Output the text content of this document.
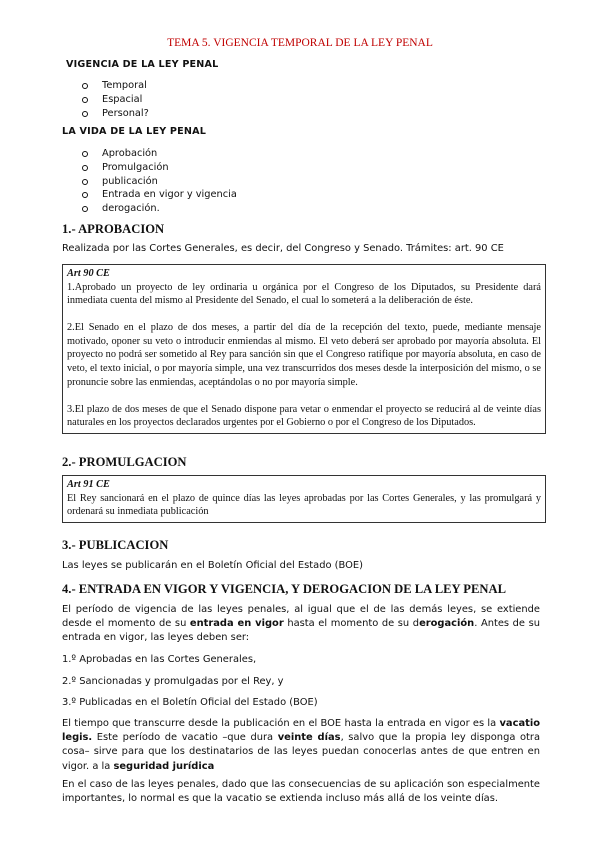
TEMA 5. VIGENCIA TEMPORAL DE LA LEY PENAL
VIGENCIA DE LA LEY PENAL
Temporal
Espacial
Personal?
LA VIDA DE LA LEY PENAL
Aprobación
Promulgación
publicación
Entrada en vigor y vigencia
derogación.
1.- APROBACION
Realizada por las Cortes Generales, es decir, del Congreso y Senado. Trámites: art. 90 CE
Art 90 CE

1.Aprobado un proyecto de ley ordinaria u orgánica por el Congreso de los Diputados, su Presidente dará inmediata cuenta del mismo al Presidente del Senado, el cual lo someterá a la deliberación de éste.

2.El Senado en el plazo de dos meses, a partir del día de la recepción del texto, puede, mediante mensaje motivado, oponer su veto o introducir enmiendas al mismo. El veto deberá ser aprobado por mayoría absoluta. El proyecto no podrá ser sometido al Rey para sanción sin que el Congreso ratifique por mayoría absoluta, en caso de veto, el texto inicial, o por mayoría simple, una vez transcurridos dos meses desde la interposición del mismo, o se pronuncie sobre las enmiendas, aceptándolas o no por mayoría simple.

3.El plazo de dos meses de que el Senado dispone para vetar o enmendar el proyecto se reducirá al de veinte días naturales en los proyectos declarados urgentes por el Gobierno o por el Congreso de los Diputados.

2.- PROMULGACION
Art 91 CE

El Rey sancionará en el plazo de quince días las leyes aprobadas por las Cortes Generales, y las promulgará y ordenará su inmediata publicación

3.- PUBLICACION
Las leyes se publicarán en el Boletín Oficial del Estado (BOE)
4.- ENTRADA EN VIGOR Y VIGENCIA, Y DEROGACION DE LA LEY PENAL
El período de vigencia de las leyes penales, al igual que el de las demás leyes, se extiende desde el momento de su entrada en vigor hasta el momento de su derogación. Antes de su entrada en vigor, las leyes deben ser:
1.º Aprobadas en las Cortes Generales,
2.º Sancionadas y promulgadas por el Rey, y
3.º Publicadas en el Boletín Oficial del Estado (BOE)
El tiempo que transcurre desde la publicación en el BOE hasta la entrada en vigor es la vacatio legis. Este período de vacatio –que dura veinte días, salvo que la propia ley disponga otra cosa– sirve para que los destinatarios de las leyes puedan conocerlas antes de que entren en vigor. a la seguridad jurídica
En el caso de las leyes penales, dado que las consecuencias de su aplicación son especialmente importantes, lo normal es que la vacatio se extienda incluso más allá de los veinte días.
